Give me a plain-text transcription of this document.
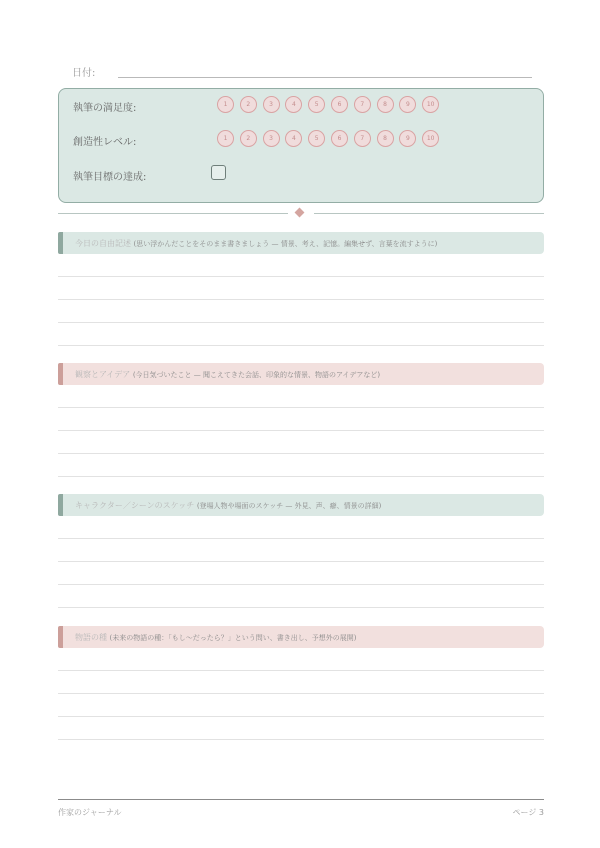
日付:
執筆の満足度:	1	2	3	4	5	6	7	8	9	10
創造性レベル:	1	2	3	4	5	6	7	8	9	10
執筆目標の達成:
今日の自由記述 (思い浮かんだことをそのまま書きましょう — 情景、考え、記憶。編集せず、言葉を流すように)
観察とアイデア (今日気づいたこと — 聞こえてきた会話、印象的な情景、物語のアイデアなど)
キャラクター／シーンのスケッチ (登場人物や場面のスケッチ — 外見、声、癖、情景の詳細)
物語の種 (未来の物語の種：「もし〜だったら？」という問い、書き出し、予想外の展開)
作家のジャーナル	ページ 3
